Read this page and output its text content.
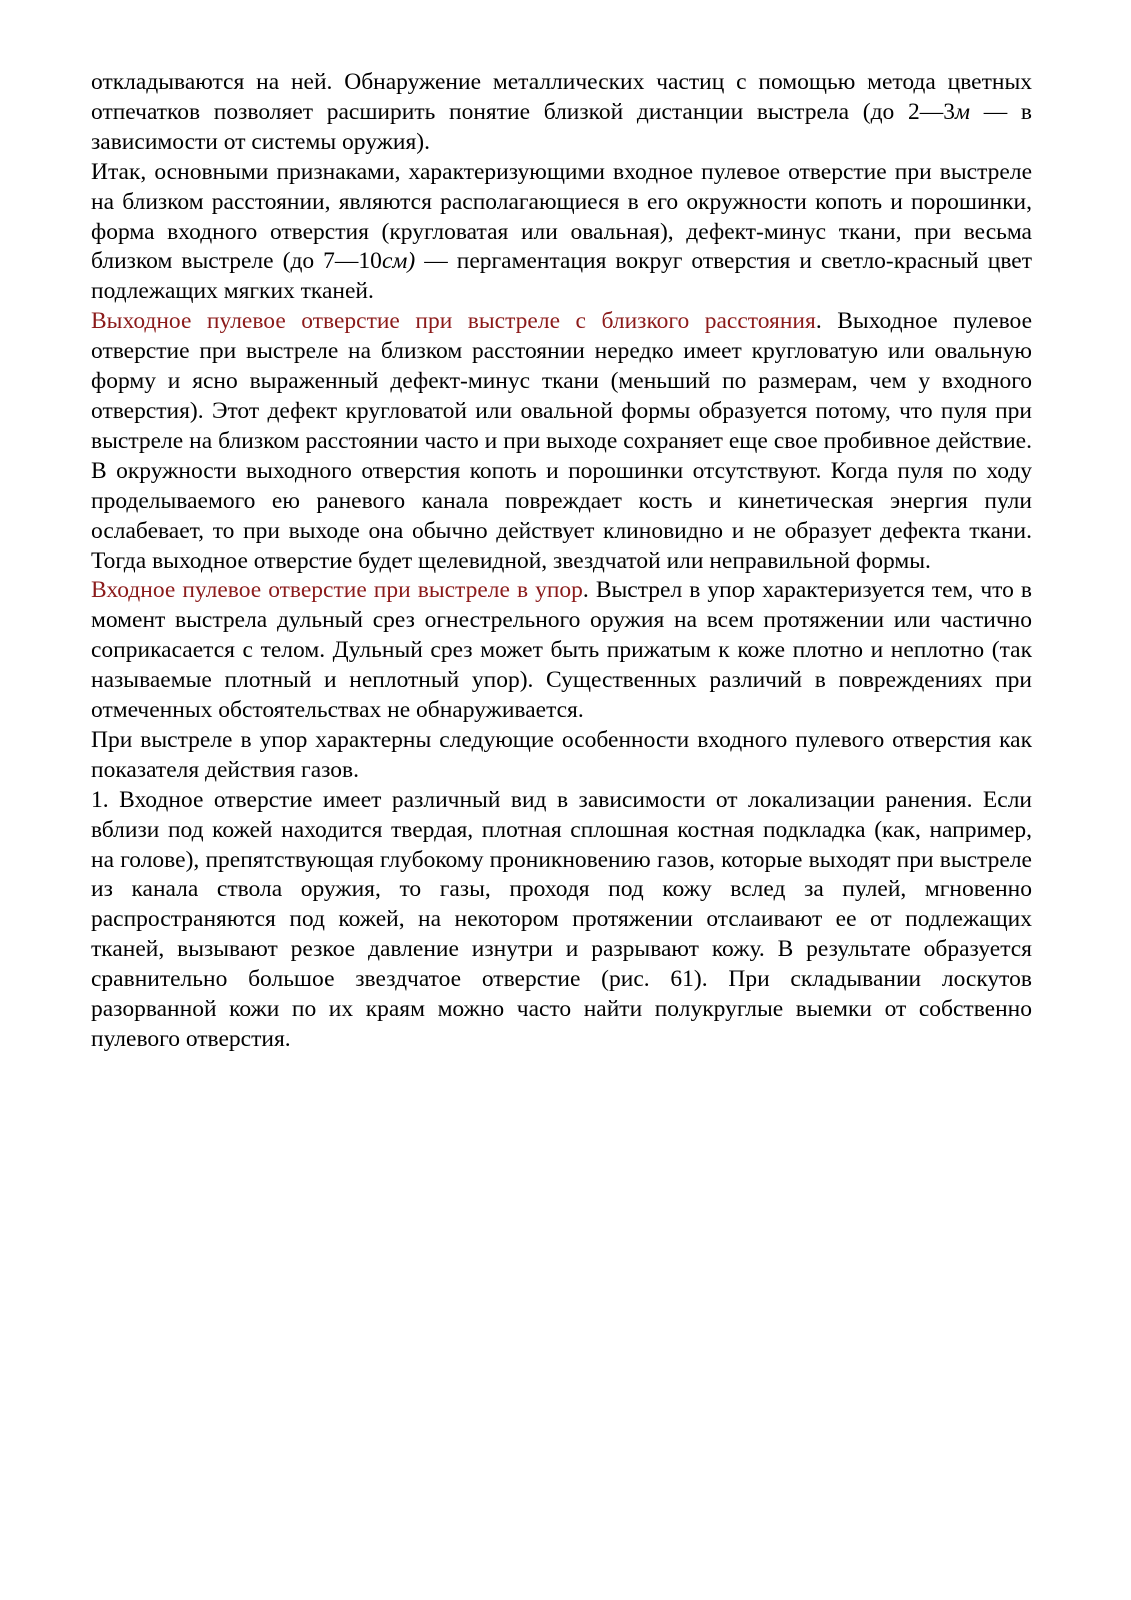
откладываются на ней. Обнаружение металлических частиц с помощью метода цветных отпечатков позволяет расширить понятие близкой дистанции выстрела (до 2—3м — в зависимости от системы оружия).

Итак, основными признаками, характеризующими входное пулевое отверстие при выстреле на близком расстоянии, являются располагающиеся в его окружности копоть и порошинки, форма входного отверстия (кругловатая или овальная), дефект-минус ткани, при весьма близком выстреле (до 7—10см) — пергаментация вокруг отверстия и светло-красный цвет подлежащих мягких тканей.

Выходное пулевое отверстие при выстреле с близкого расстояния. Выходное пулевое отверстие при выстреле на близком расстоянии нередко имеет кругловатую или овальную форму и ясно выраженный дефект-минус ткани (меньший по размерам, чем у входного отверстия). Этот дефект кругловатой или овальной формы образуется потому, что пуля при выстреле на близком расстоянии часто и при выходе сохраняет еще свое пробивное действие. В окружности выходного отверстия копоть и порошинки отсутствуют. Когда пуля по ходу проделываемого ею раневого канала повреждает кость и кинетическая энергия пули ослабевает, то при выходе она обычно действует клиновидно и не образует дефекта ткани. Тогда выходное отверстие будет щелевидной, звездчатой или неправильной формы.

Входное пулевое отверстие при выстреле в упор. Выстрел в упор характеризуется тем, что в момент выстрела дульный срез огнестрельного оружия на всем протяжении или частично соприкасается с телом. Дульный срез может быть прижатым к коже плотно и неплотно (так называемые плотный и неплотный упор). Существенных различий в повреждениях при отмеченных обстоятельствах не обнаруживается.

При выстреле в упор характерны следующие особенности входного пулевого отверстия как показателя действия газов.

1. Входное отверстие имеет различный вид в зависимости от локализации ранения. Если вблизи под кожей находится твердая, плотная сплошная костная подкладка (как, например, на голове), препятствующая глубокому проникновению газов, которые выходят при выстреле из канала ствола оружия, то газы, проходя под кожу вслед за пулей, мгновенно распространяются под кожей, на некотором протяжении отслаивают ее от подлежащих тканей, вызывают резкое давление изнутри и разрывают кожу. В результате образуется сравнительно большое звездчатое отверстие (рис. 61). При складывании лоскутов разорванной кожи по их краям можно часто найти полукруглые выемки от собственно пулевого отверстия.
